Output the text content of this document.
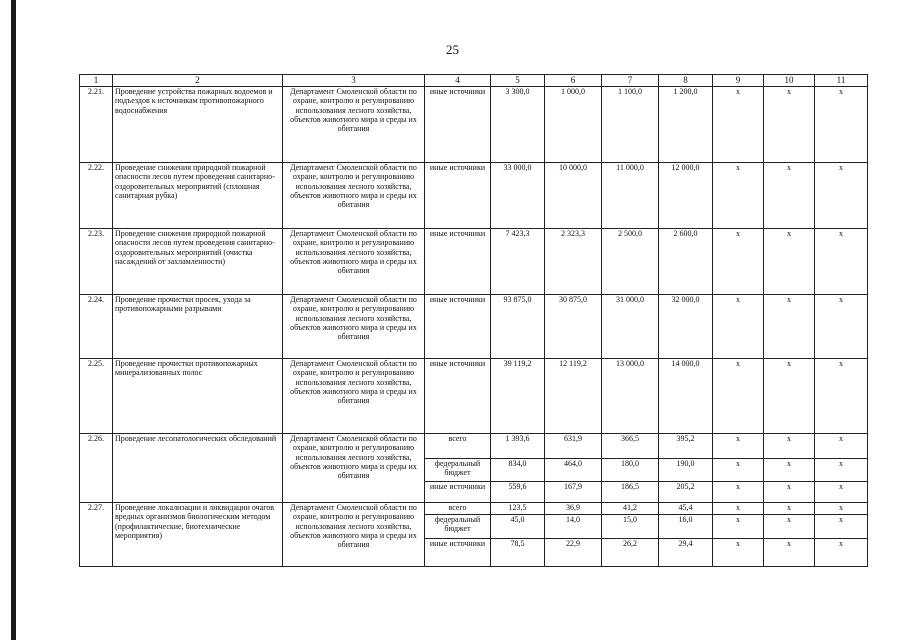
25
1	2	3	4	5	6	7	8	9	10	11
2.21.	Проведение устройства пожарных водоемов и подъездов к источникам противопожарного водоснабжения	Департамент Смоленской области по охране, контролю и регулированию использования лесного хозяйства, объектов животного мира и среды их обитания	иные источники	3 300,0	1 000,0	1 100,0	1 200,0	х	х	х
2.22.	Проведение снижения природной пожарной опасности лесов путем проведения санитарно-оздоровительных мероприятий (сплошная санитарная рубка)	Департамент Смоленской области по охране, контролю и регулированию использования лесного хозяйства, объектов животного мира и среды их обитания	иные источники	33 000,0	10 000,0	11 000,0	12 000,0	х	х	х
2.23.	Проведение снижения природной пожарной опасности лесов путем проведения санитарно-оздоровительных мероприятий (очистка насаждений от захламленности)	Департамент Смоленской области по охране, контролю и регулированию использования лесного хозяйства, объектов животного мира и среды их обитания	иные источники	7 423,3	2 323,3	2 500,0	2 600,0	х	х	х
2.24.	Проведение прочистки просек, ухода за противопожарными разрывами	Департамент Смоленской области по охране, контролю и регулированию использования лесного хозяйства, объектов животного мира и среды их обитания	иные источники	93 875,0	30 875,0	31 000,0	32 000,0	х	х	х
2.25.	Проведение прочистки противопожарных минерализованных полос	Департамент Смоленской области по охране, контролю и регулированию использования лесного хозяйства, объектов животного мира и среды их обитания	иные источники	39 119,2	12 119,2	13 000,0	14 000,0	х	х	х
2.26.	Проведение лесопатологических обследований	Департамент Смоленской области по охране, контролю и регулированию использования лесного хозяйства, объектов животного мира и среды их обитания	всего	1 393,6	631,9	366,5	395,2	х	х	х
			федеральный бюджет	834,0	464,0	180,0	190,0	х	х	х
			иные источники	559,6	167,9	186,5	205,2	х	х	х
2.27.	Проведение локализации и ликвидации очагов вредных организмов биологическим методом (профилактические, биотехнические мероприятия)	Департамент Смоленской области по охране, контролю и регулированию использования лесного хозяйства, объектов животного мира и среды их обитания	всего	123,5	36,9	41,2	45,4	х	х	х
			федеральный бюджет	45,0	14,0	15,0	16,0	х	х	х
			иные источники	78,5	22,9	26,2	29,4	х	х	х
